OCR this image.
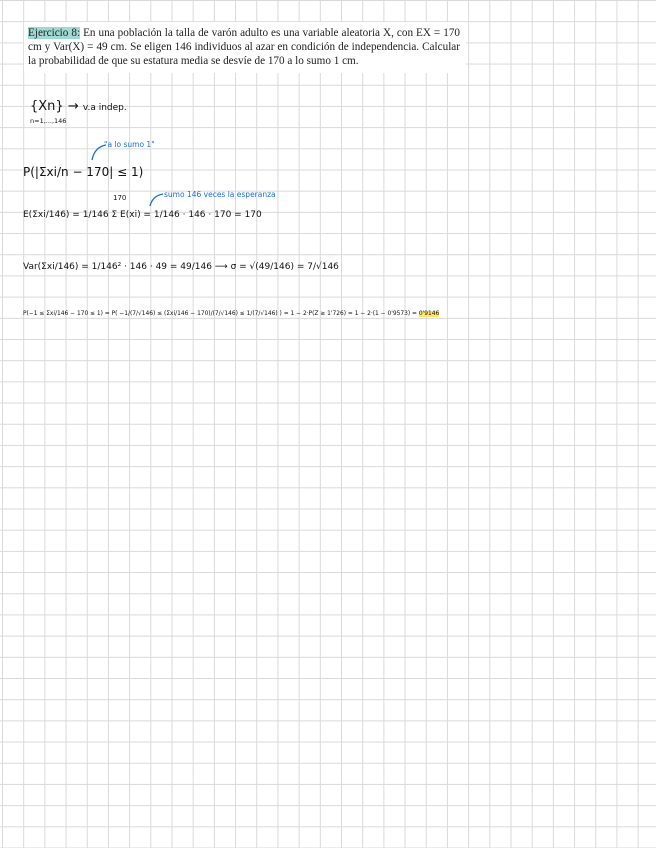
Ejercicio 8: En una población la talla de varón adulto es una variable aleatoria X, con EX = 170 cm y Var(X) = 49 cm. Se eligen 146 individuos al azar en condición de independencia. Calcular la probabilidad de que su estatura media se desvíe de 170 a lo sumo 1 cm.
{Xn} → v.a indep.
n=1,...,146
P(|Σxi/n − 170| ≤ 1)
"a lo sumo 1"
170
E(Σxi/146) = 1/146 Σ E(xi) = 1/146 · 146 · 170 = 170
sumo 146 veces la esperanza
Var(Σxi/146) = 1/146² · 146 · 49 = 49/146 ⟶ σ = √(49/146) = 7/√146
P(−1 ≤ Σxi/146 − 170 ≤ 1) = P( −1/(7/√146) ≤ (Σxi/146 − 170)/(7/√146) ≤ 1/(7/√146) ) = 1 − 2·P(Z ≥ 1'726) = 1 − 2·(1 − 0'9573) = 0'9146
